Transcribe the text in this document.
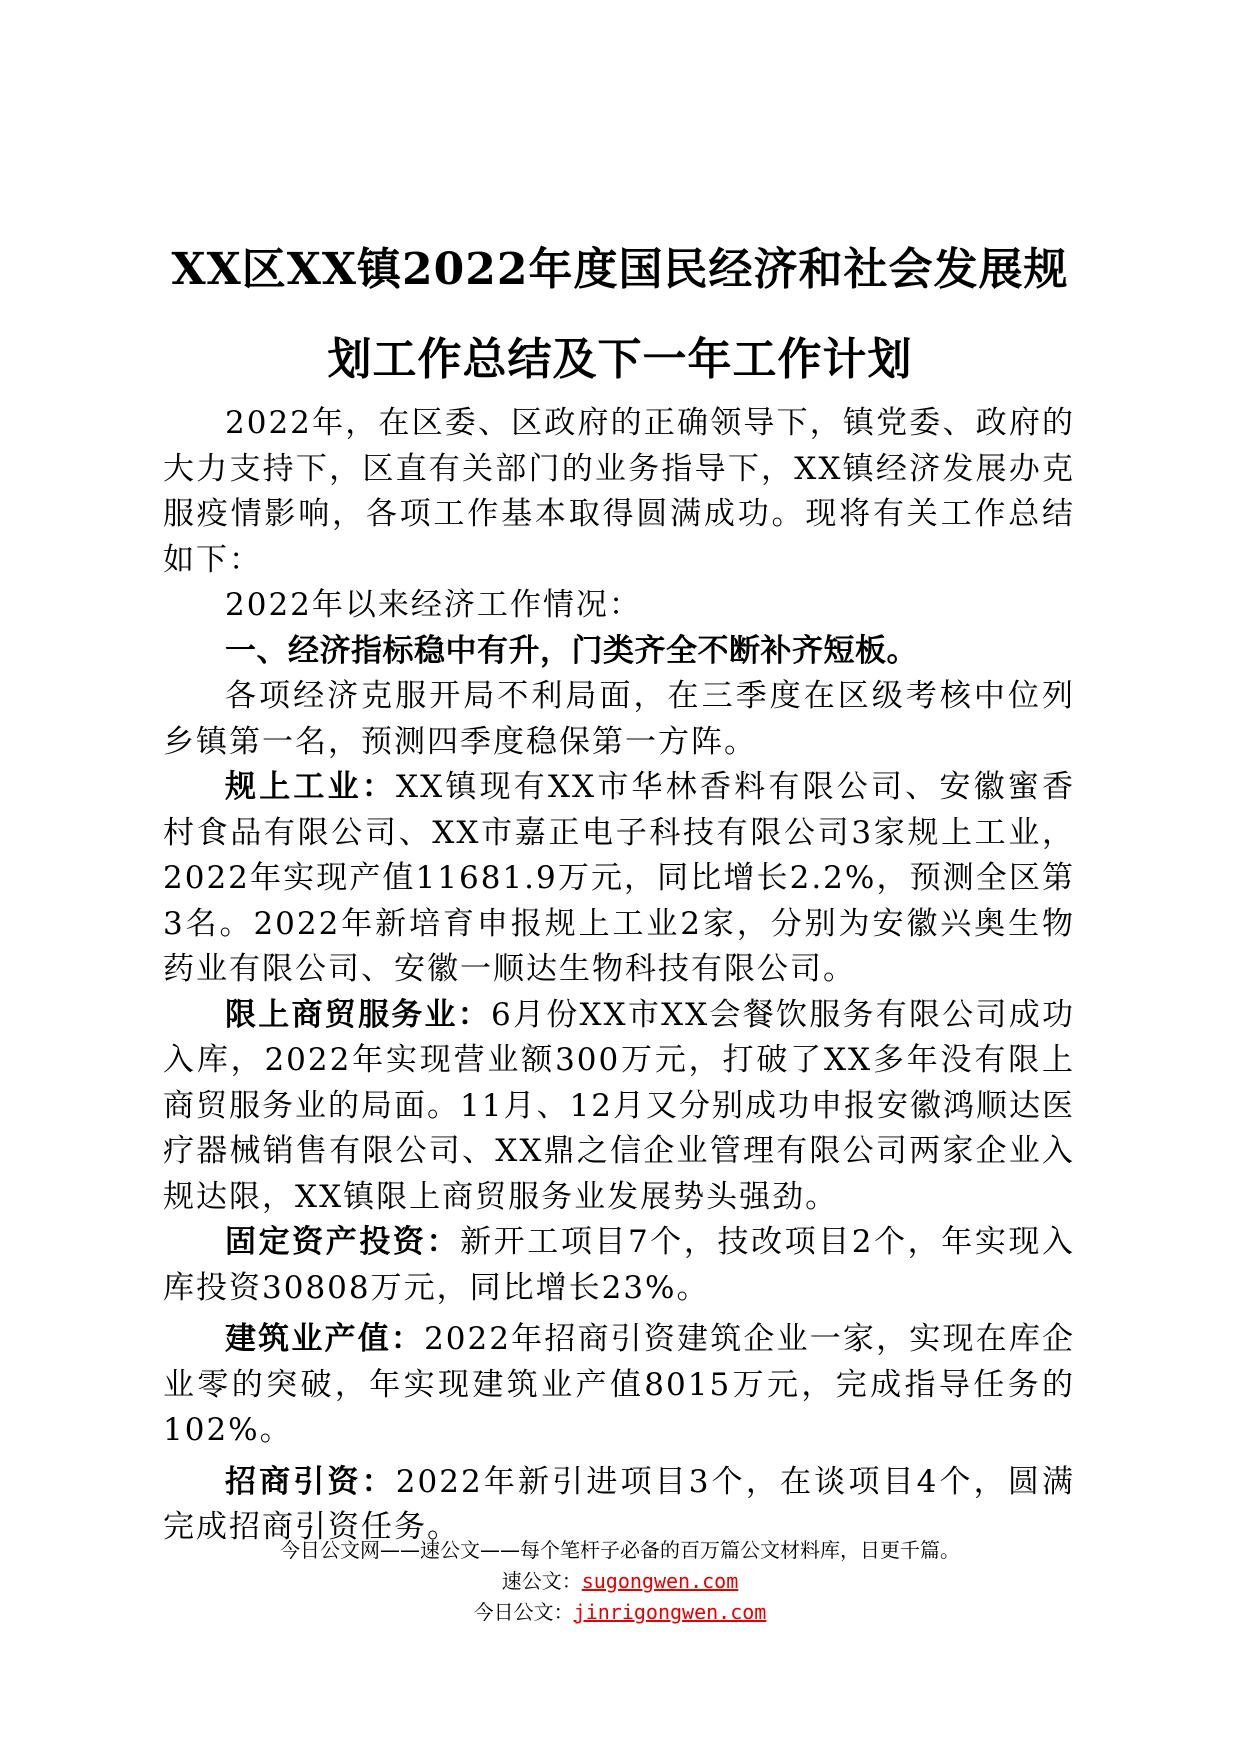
XX区XX镇2022年度国民经济和社会发展规
划工作总结及下一年工作计划

2022年，在区委、区政府的正确领导下，镇党委、政府的大力支持下，区直有关部门的业务指导下，XX镇经济发展办克服疫情影响，各项工作基本取得圆满成功。现将有关工作总结如下：

2022年以来经济工作情况：

一、经济指标稳中有升，门类齐全不断补齐短板。

各项经济克服开局不利局面，在三季度在区级考核中位列乡镇第一名，预测四季度稳保第一方阵。

规上工业：XX镇现有XX市华林香料有限公司、安徽蜜香村食品有限公司、XX市嘉正电子科技有限公司3家规上工业，2022年实现产值11681.9万元，同比增长2.2%，预测全区第3名。2022年新培育申报规上工业2家，分别为安徽兴奥生物药业有限公司、安徽一顺达生物科技有限公司。

限上商贸服务业：6月份XX市XX会餐饮服务有限公司成功入库，2022年实现营业额300万元，打破了XX多年没有限上商贸服务业的局面。11月、12月又分别成功申报安徽鸿顺达医疗器械销售有限公司、XX鼎之信企业管理有限公司两家企业入规达限，XX镇限上商贸服务业发展势头强劲。

固定资产投资：新开工项目7个，技改项目2个，年实现入库投资30808万元，同比增长23%。

建筑业产值：2022年招商引资建筑企业一家，实现在库企业零的突破，年实现建筑业产值8015万元，完成指导任务的102%。

招商引资：2022年新引进项目3个，在谈项目4个，圆满完成招商引资任务。

今日公文网——速公文——每个笔杆子必备的百万篇公文材料库，日更千篇。
速公文：sugongwen.com
今日公文：jinrigongwen.com
